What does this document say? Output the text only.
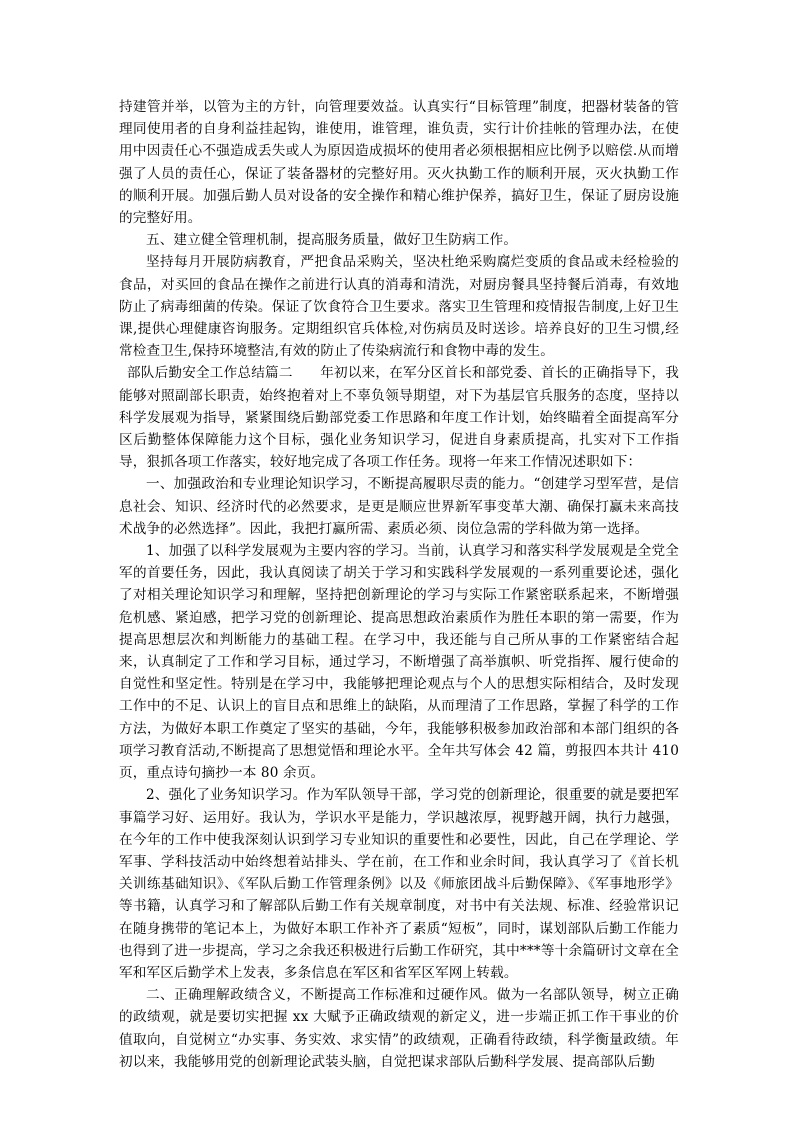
持建管并举，以管为主的方针，向管理要效益。认真实行“目标管理”制度，把器材装备的管理同使用者的自身利益挂起钩，谁使用，谁管理，谁负责，实行计价挂帐的管理办法，在使用中因责任心不强造成丢失或人为原因造成损坏的使用者必须根据相应比例予以赔偿.从而增强了人员的责任心，保证了装备器材的完整好用。灭火执勤工作的顺利开展，灭火执勤工作的顺利开展。加强后勤人员对设备的安全操作和精心维护保养，搞好卫生，保证了厨房设施的完整好用。

五、建立健全管理机制，提高服务质量，做好卫生防病工作。

坚持每月开展防病教育，严把食品采购关，坚决杜绝采购腐烂变质的食品或未经检验的食品，对买回的食品在操作之前进行认真的消毒和清洗，对厨房餐具坚持餐后消毒，有效地防止了病毒细菌的传染。保证了饮食符合卫生要求。落实卫生管理和疫情报告制度,上好卫生课,提供心理健康咨询服务。定期组织官兵体检,对伤病员及时送诊。培养良好的卫生习惯,经常检查卫生,保持环境整洁,有效的防止了传染病流行和食物中毒的发生。

部队后勤安全工作总结篇二　　年初以来，在军分区首长和部党委、首长的正确指导下，我能够对照副部长职责，始终抱着对上不辜负领导期望，对下为基层官兵服务的态度，坚持以科学发展观为指导，紧紧围绕后勤部党委工作思路和年度工作计划，始终瞄着全面提高军分区后勤整体保障能力这个目标，强化业务知识学习，促进自身素质提高，扎实对下工作指导，狠抓各项工作落实，较好地完成了各项工作任务。现将一年来工作情况述职如下：

一、加强政治和专业理论知识学习，不断提高履职尽责的能力。“创建学习型军营，是信息社会、知识、经济时代的必然要求，是更是顺应世界新军事变革大潮、确保打赢未来高技术战争的必然选择”。因此，我把打赢所需、素质必须、岗位急需的学科做为第一选择。

1、加强了以科学发展观为主要内容的学习。当前，认真学习和落实科学发展观是全党全军的首要任务，因此，我认真阅读了胡关于学习和实践科学发展观的一系列重要论述，强化了对相关理论知识学习和理解，坚持把创新理论的学习与实际工作紧密联系起来，不断增强危机感、紧迫感，把学习党的创新理论、提高思想政治素质作为胜任本职的第一需要，作为提高思想层次和判断能力的基础工程。在学习中，我还能与自己所从事的工作紧密结合起来，认真制定了工作和学习目标，通过学习，不断增强了高举旗帜、听党指挥、履行使命的自觉性和坚定性。特别是在学习中，我能够把理论观点与个人的思想实际相结合，及时发现工作中的不足、认识上的盲目点和思维上的缺陷，从而理清了工作思路，掌握了科学的工作方法，为做好本职工作奠定了坚实的基础，今年，我能够积极参加政治部和本部门组织的各项学习教育活动,不断提高了思想觉悟和理论水平。全年共写体会 42 篇，剪报四本共计 410页，重点诗句摘抄一本 80 余页。

2、强化了业务知识学习。作为军队领导干部，学习党的创新理论，很重要的就是要把军事篇学习好、运用好。我认为，学识水平是能力，学识越浓厚，视野越开阔，执行力越强，在今年的工作中使我深刻认识到学习专业知识的重要性和必要性，因此，自己在学理论、学军事、学科技活动中始终想着站排头、学在前，在工作和业余时间，我认真学习了《首长机关训练基础知识》、《军队后勤工作管理条例》以及《师旅团战斗后勤保障》、《军事地形学》等书籍，认真学习和了解部队后勤工作有关规章制度，对书中有关法规、标准、经验常识记在随身携带的笔记本上，为做好本职工作补齐了素质“短板”，同时，谋划部队后勤工作能力也得到了进一步提高，学习之余我还积极进行后勤工作研究，其中***等十余篇研讨文章在全军和军区后勤学术上发表，多条信息在军区和省军区军网上转载。

二、正确理解政绩含义，不断提高工作标准和过硬作风。做为一名部队领导，树立正确的政绩观，就是要切实把握 xx 大赋予正确政绩观的新定义，进一步端正抓工作干事业的价值取向，自觉树立“办实事、务实效、求实情”的政绩观，正确看待政绩，科学衡量政绩。年初以来，我能够用党的创新理论武装头脑，自觉把谋求部队后勤科学发展、提高部队后勤
